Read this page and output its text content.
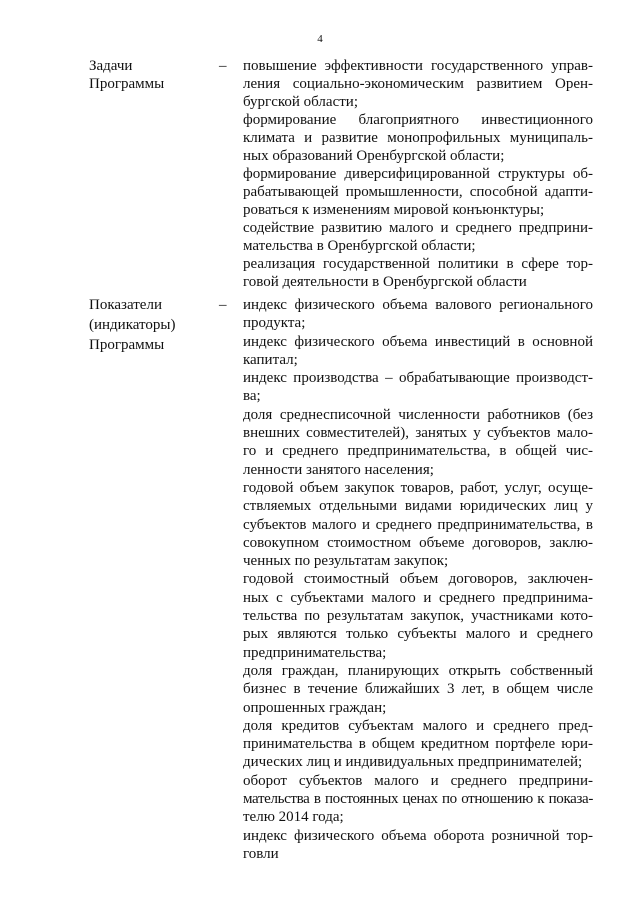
4
Задачи
Программы
– повышение эффективности государственного управ-
ления социально-экономическим развитием Орен-
бургской области;
формирование благоприятного инвестиционного
климата и развитие монопрофильных муниципаль-
ных образований Оренбургской области;
формирование диверсифицированной структуры об-
рабатывающей промышленности, способной адапти-
роваться к изменениям мировой конъюнктуры;
содействие развитию малого и среднего предприни-
мательства в Оренбургской области;
реализация государственной политики в сфере тор-
говой деятельности в Оренбургской области
Показатели
(индикаторы)
Программы
– индекс физического объема валового регионального
продукта;
индекс физического объема инвестиций в основной
капитал;
индекс производства – обрабатывающие производст-
ва;
доля среднесписочной численности работников (без
внешних совместителей), занятых у субъектов мало-
го и среднего предпринимательства, в общей чис-
ленности занятого населения;
годовой объем закупок товаров, работ, услуг, осуще-
ствляемых отдельными видами юридических лиц у
субъектов малого и среднего предпринимательства, в
совокупном стоимостном объеме договоров, заклю-
ченных по результатам закупок;
годовой стоимостный объем договоров, заключен-
ных с субъектами малого и среднего предпринима-
тельства по результатам закупок, участниками кото-
рых являются только субъекты малого и среднего
предпринимательства;
доля граждан, планирующих открыть собственный
бизнес в течение ближайших 3 лет, в общем числе
опрошенных граждан;
доля кредитов субъектам малого и среднего пред-
принимательства в общем кредитном портфеле юри-
дических лиц и индивидуальных предпринимателей;
оборот субъектов малого и среднего предприни-
мательства в постоянных ценах по отношению к показа-
телю 2014 года;
индекс физического объема оборота розничной тор-
говли
